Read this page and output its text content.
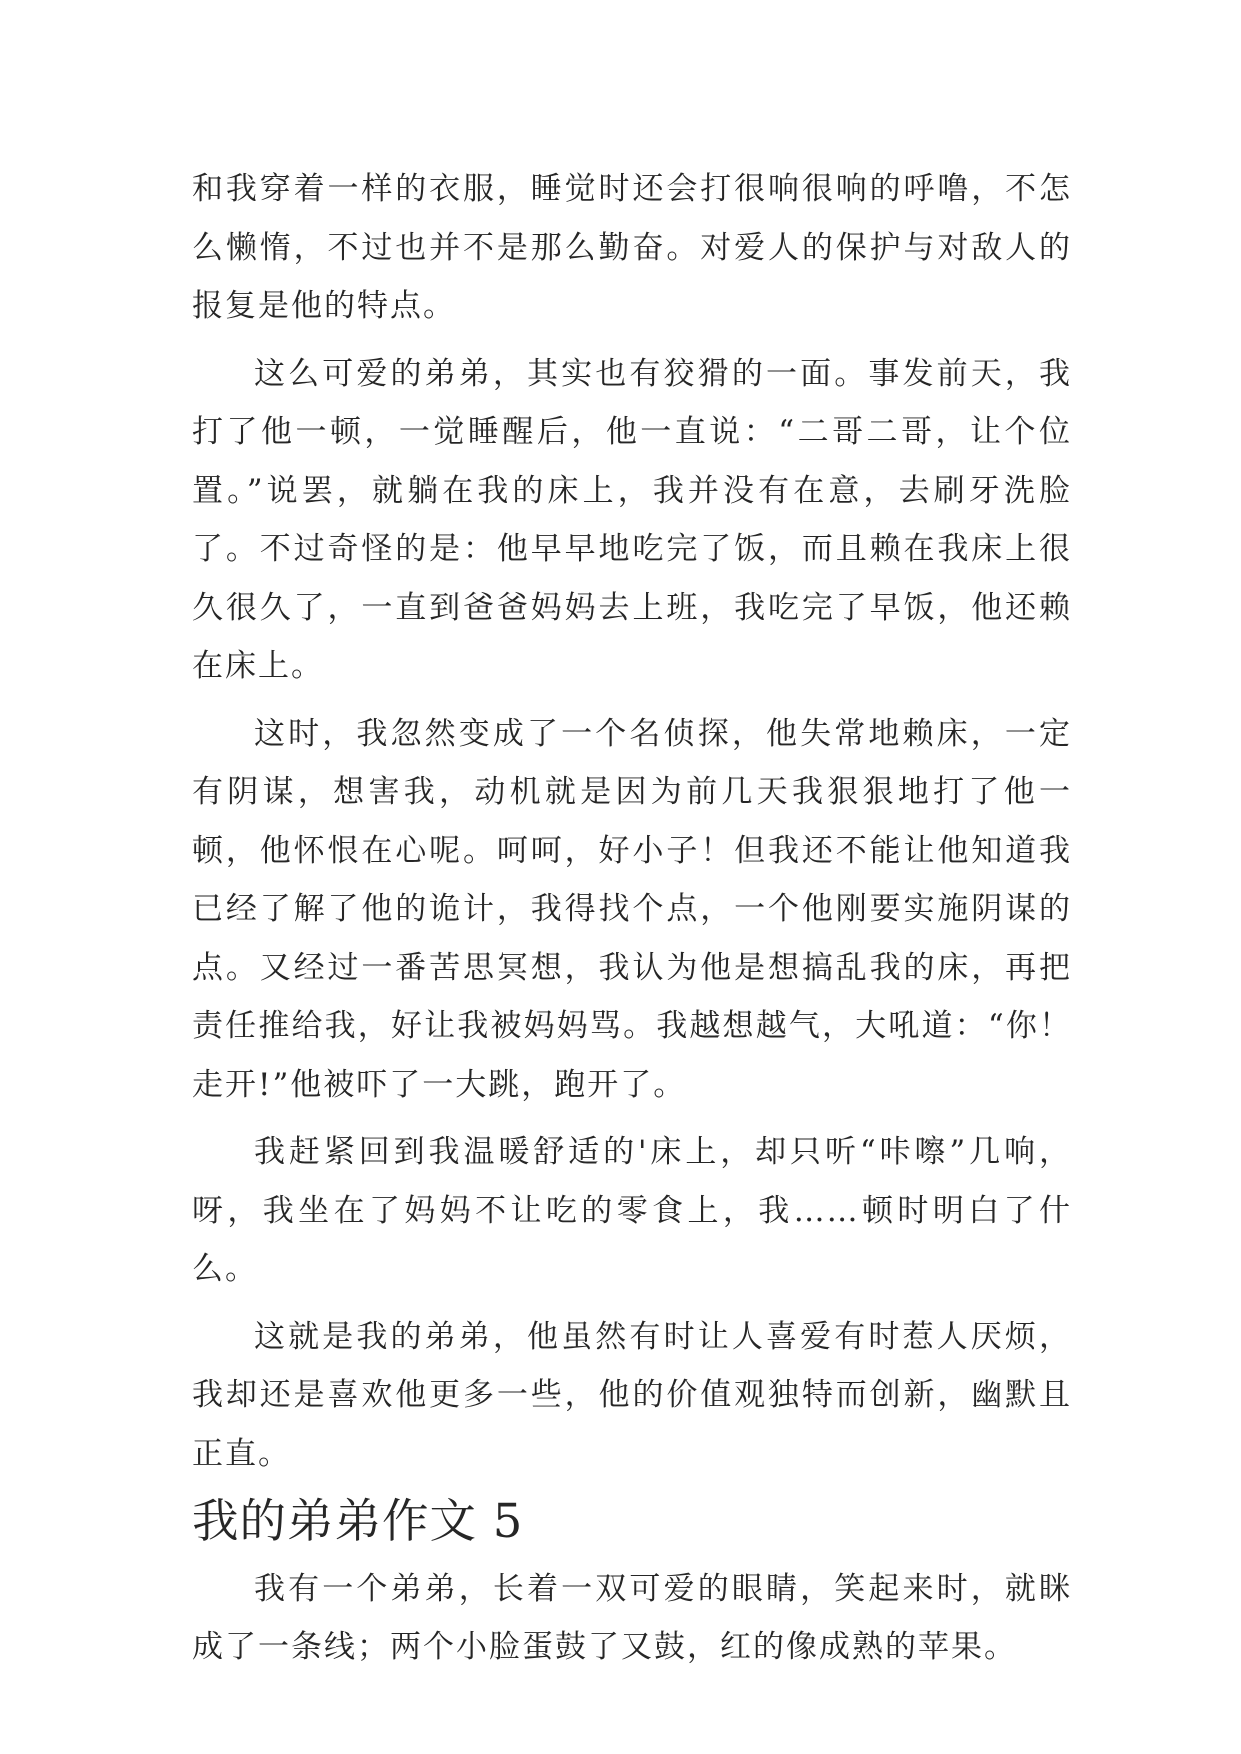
和我穿着一样的衣服，睡觉时还会打很响很响的呼噜，不怎么懒惰，不过也并不是那么勤奋。对爱人的保护与对敌人的报复是他的特点。

这么可爱的弟弟，其实也有狡猾的一面。事发前天，我打了他一顿，一觉睡醒后，他一直说：“二哥二哥，让个位置。”说罢，就躺在我的床上，我并没有在意，去刷牙洗脸了。不过奇怪的是：他早早地吃完了饭，而且赖在我床上很久很久了，一直到爸爸妈妈去上班，我吃完了早饭，他还赖在床上。

这时，我忽然变成了一个名侦探，他失常地赖床，一定有阴谋，想害我，动机就是因为前几天我狠狠地打了他一顿，他怀恨在心呢。呵呵，好小子！但我还不能让他知道我已经了解了他的诡计，我得找个点，一个他刚要实施阴谋的点。又经过一番苦思冥想，我认为他是想搞乱我的床，再把责任推给我，好让我被妈妈骂。我越想越气，大吼道：“你！走开!”他被吓了一大跳，跑开了。

我赶紧回到我温暖舒适的'床上，却只听“咔嚓”几响，呀，我坐在了妈妈不让吃的零食上，我……顿时明白了什么。

这就是我的弟弟，他虽然有时让人喜爱有时惹人厌烦，我却还是喜欢他更多一些，他的价值观独特而创新，幽默且正直。

我的弟弟作文 5

我有一个弟弟，长着一双可爱的眼睛，笑起来时，就眯成了一条线；两个小脸蛋鼓了又鼓，红的像成熟的苹果。
